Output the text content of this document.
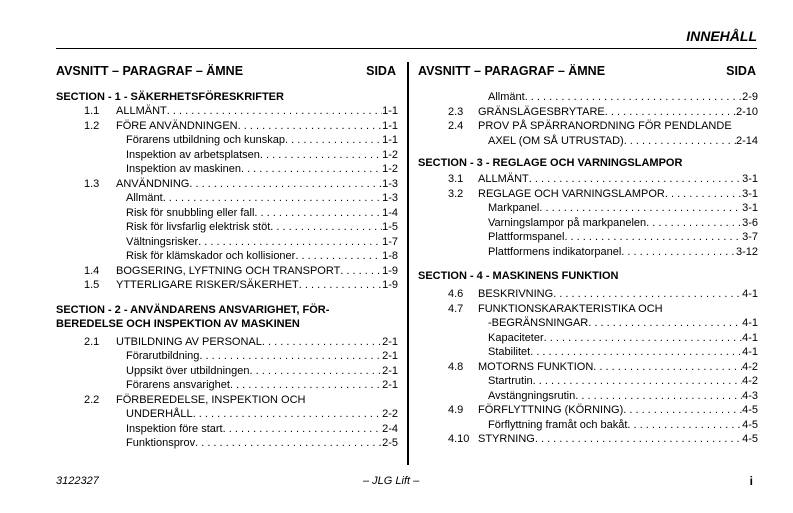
INNEHÅLL
AVSNITT – PARAGRAF – ÄMNE	SIDA
SECTION - 1 - SÄKERHETSFÖRESKRIFTER
1.1	ALLMÄNT . . .	1-1
1.2	FÖRE ANVÄNDNINGEN . . .	1-1
Förarens utbildning och kunskap . . .	1-1
Inspektion av arbetsplatsen . . .	1-2
Inspektion av maskinen . . .	1-2
1.3	ANVÄNDNING . . .	1-3
Allmänt . . .	1-3
Risk för snubbling eller fall . . .	1-4
Risk för livsfarlig elektrisk stöt . . .	1-5
Vältningsrisker . . .	1-7
Risk för klämskador och kollisioner . . .	1-8
1.4	BOGSERING, LYFTNING OCH TRANSPORT . . .	1-9
1.5	YTTERLIGARE RISKER/SÄKERHET . . .	1-9
SECTION - 2 - ANVÄNDARENS ANSVARIGHET, FÖR-
BEREDELSE OCH INSPEKTION AV MASKINEN
2.1	UTBILDNING AV PERSONAL . . .	2-1
Förarutbildning . . .	2-1
Uppsikt över utbildningen . . .	2-1
Förarens ansvarighet . . .	2-1
2.2	FÖRBEREDELSE, INSPEKTION OCH
UNDERHÅLL . . .	2-2
Inspektion före start . . .	2-4
Funktionsprov . . .	2-5
AVSNITT – PARAGRAF – ÄMNE	SIDA
Allmänt . . .	2-9
2.3	GRÄNSLÄGESBRYTARE . . .	2-10
2.4	PROV PÅ SPÄRRANORDNING FÖR PENDLANDE
AXEL (OM SÅ UTRUSTAD) . . .	2-14
SECTION - 3 - REGLAGE OCH VARNINGSLAMPOR
3.1	ALLMÄNT . . .	3-1
3.2	REGLAGE OCH VARNINGSLAMPOR . . .	3-1
Markpanel . . .	3-1
Varningslampor på markpanelen . . .	3-6
Plattformspanel . . .	3-7
Plattformens indikatorpanel . . .	3-12
SECTION - 4 - MASKINENS FUNKTION
4.6	BESKRIVNING . . .	4-1
4.7	FUNKTIONSKARAKTERISTIKA OCH
-BEGRÄNSNINGAR . . .	4-1
Kapaciteter . . .	4-1
Stabilitet . . .	4-1
4.8	MOTORNS FUNKTION . . .	4-2
Startrutin . . .	4-2
Avstängningsrutin . . .	4-3
4.9	FÖRFLYTTNING (KÖRNING) . . .	4-5
Förflyttning framåt och bakåt . . .	4-5
4.10 STYRNING . . .	4-5
3122327	– JLG Lift –	i
